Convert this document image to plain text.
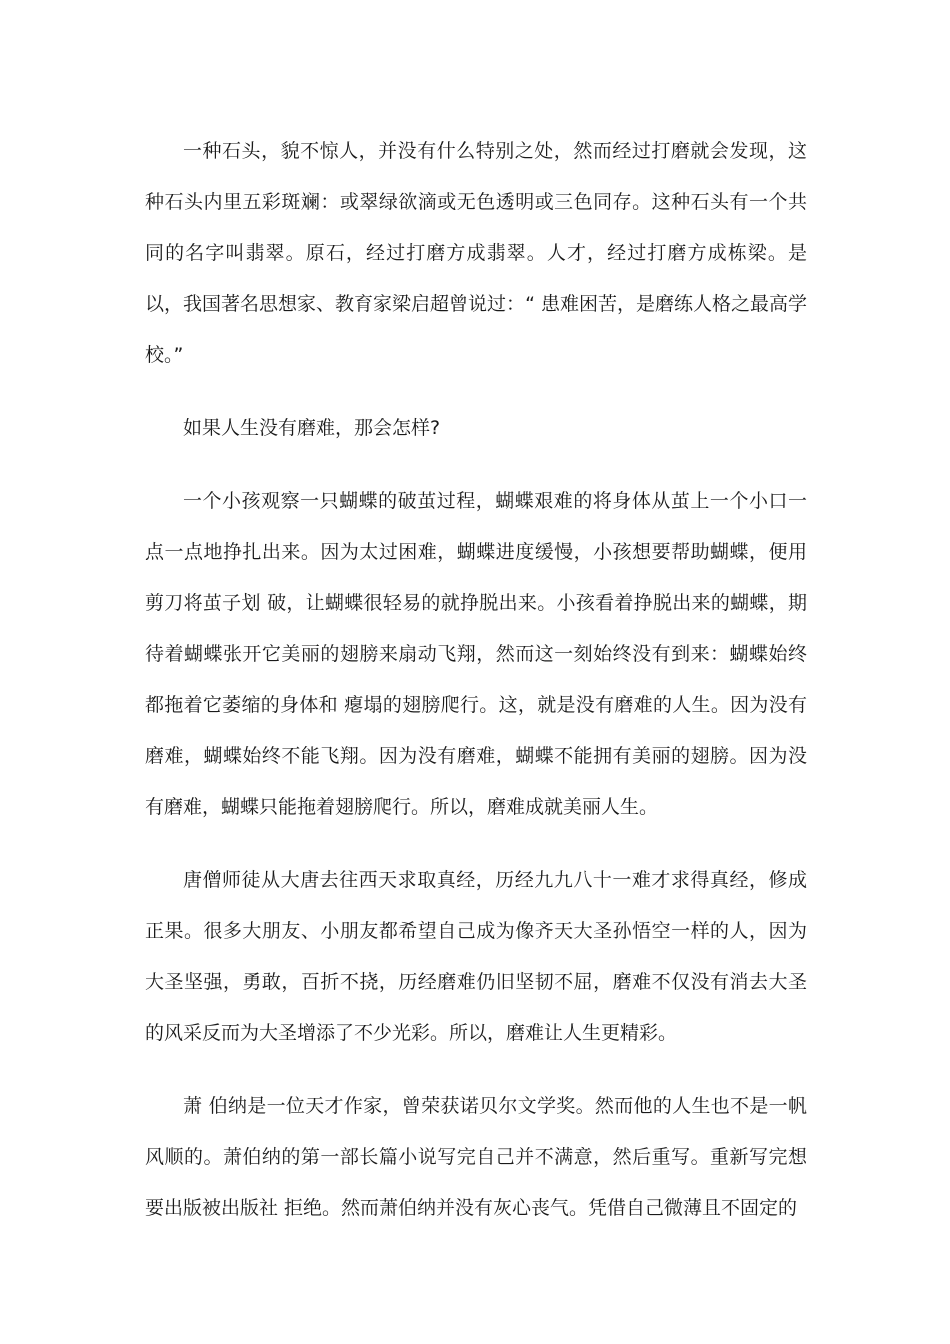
一种石头，貌不惊人，并没有什么特别之处，然而经过打磨就会发现，这种石头内里五彩斑斓：或翠绿欲滴或无色透明或三色同存。这种石头有一个共同的名字叫翡翠。原石，经过打磨方成翡翠。人才，经过打磨方成栋梁。是以，我国著名思想家、教育家梁启超曾说过：“ 患难困苦，是磨练人格之最高学校。”

如果人生没有磨难，那会怎样?

一个小孩观察一只蝴蝶的破茧过程，蝴蝶艰难的将身体从茧上一个小口一点一点地挣扎出来。因为太过困难，蝴蝶进度缓慢，小孩想要帮助蝴蝶，便用剪刀将茧子划 破，让蝴蝶很轻易的就挣脱出来。小孩看着挣脱出来的蝴蝶，期待着蝴蝶张开它美丽的翅膀来扇动飞翔，然而这一刻始终没有到来：蝴蝶始终都拖着它萎缩的身体和 瘪塌的翅膀爬行。这，就是没有磨难的人生。因为没有磨难，蝴蝶始终不能飞翔。因为没有磨难，蝴蝶不能拥有美丽的翅膀。因为没有磨难，蝴蝶只能拖着翅膀爬行。所以，磨难成就美丽人生。

唐僧师徒从大唐去往西天求取真经，历经九九八十一难才求得真经，修成正果。很多大朋友、小朋友都希望自己成为像齐天大圣孙悟空一样的人，因为大圣坚强，勇敢，百折不挠，历经磨难仍旧坚韧不屈，磨难不仅没有消去大圣的风采反而为大圣增添了不少光彩。所以，磨难让人生更精彩。

萧 伯纳是一位天才作家，曾荣获诺贝尔文学奖。然而他的人生也不是一帆风顺的。萧伯纳的第一部长篇小说写完自己并不满意，然后重写。重新写完想要出版被出版社 拒绝。然而萧伯纳并没有灰心丧气。凭借自己微薄且不固定的
